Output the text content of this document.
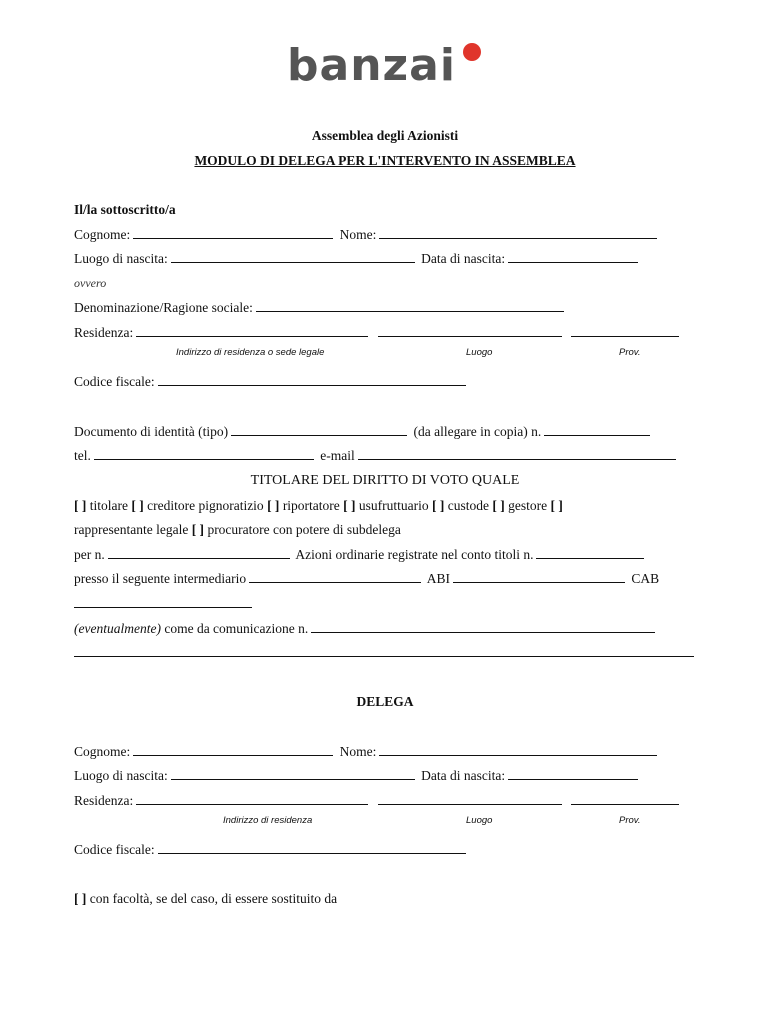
banzai
Assemblea degli Azionisti
MODULO DI DELEGA PER L'INTERVENTO IN ASSEMBLEA
Il/la sottoscritto/a
Cognome:	Nome:
Luogo di nascita:	Data di nascita:
ovvero
Denominazione/Ragione sociale:
Residenza:
Indirizzo di residenza o sede legale	Luogo	Prov.
Codice fiscale:
Documento di identità (tipo)	(da allegare in copia) n.
tel.	e-mail
TITOLARE DEL DIRITTO DI VOTO QUALE
[ ] titolare [ ] creditore pignoratizio [ ] riportatore [ ] usufruttuario [ ] custode [ ] gestore [ ]
rappresentante legale [ ] procuratore con potere di subdelega
per n.	Azioni ordinarie registrate nel conto titoli n.
presso il seguente intermediario	ABI	CAB
(eventualmente) come da comunicazione n.
DELEGA
Cognome:	Nome:
Luogo di nascita:	Data di nascita:
Residenza:
Indirizzo di residenza	Luogo	Prov.
Codice fiscale:
[ ] con facoltà, se del caso, di essere sostituito da
